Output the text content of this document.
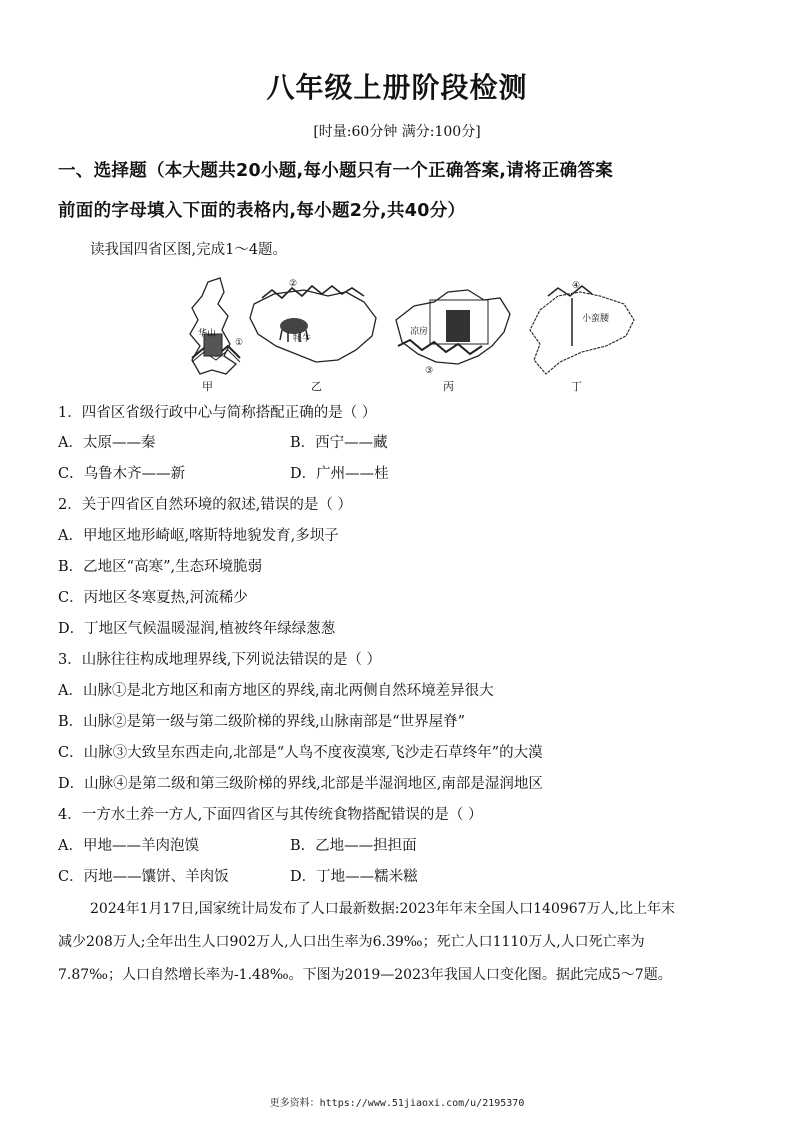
八年级上册阶段检测
[时量:60分钟 满分:100分]
一、选择题（本大题共20小题,每小题只有一个正确答案,请将正确答案
前面的字母填入下面的表格内,每小题2分,共40分）
读我国四省区图,完成1～4题。
华山
①
②
牦牛
凉房
③
④
小蛮腰
甲	乙	丙	丁
1．四省区省级行政中心与简称搭配正确的是（ ）
A．太原——秦	B．西宁——藏
C．乌鲁木齐——新	D．广州——桂
2．关于四省区自然环境的叙述,错误的是（ ）
A．甲地区地形崎岖,喀斯特地貌发育,多坝子
B．乙地区“高寒”,生态环境脆弱
C．丙地区冬寒夏热,河流稀少
D．丁地区气候温暖湿润,植被终年绿绿葱葱
3．山脉往往构成地理界线,下列说法错误的是（ ）
A．山脉①是北方地区和南方地区的界线,南北两侧自然环境差异很大
B．山脉②是第一级与第二级阶梯的界线,山脉南部是“世界屋脊”
C．山脉③大致呈东西走向,北部是“人鸟不度夜漠寒,飞沙走石草终年”的大漠
D．山脉④是第二级和第三级阶梯的界线,北部是半湿润地区,南部是湿润地区
4．一方水土养一方人,下面四省区与其传统食物搭配错误的是（ ）
A．甲地——羊肉泡馍	B．乙地——担担面
C．丙地——馕饼、羊肉饭	D．丁地——糯米糍
2024年1月17日,国家统计局发布了人口最新数据:2023年年末全国人口140967万人,比上年末
减少208万人;全年出生人口902万人,人口出生率为6.39‰；死亡人口1110万人,人口死亡率为
7.87‰；人口自然增长率为-1.48‰。下图为2019—2023年我国人口变化图。据此完成5～7题。
更多资料：https://www.51jiaoxi.com/u/2195370
